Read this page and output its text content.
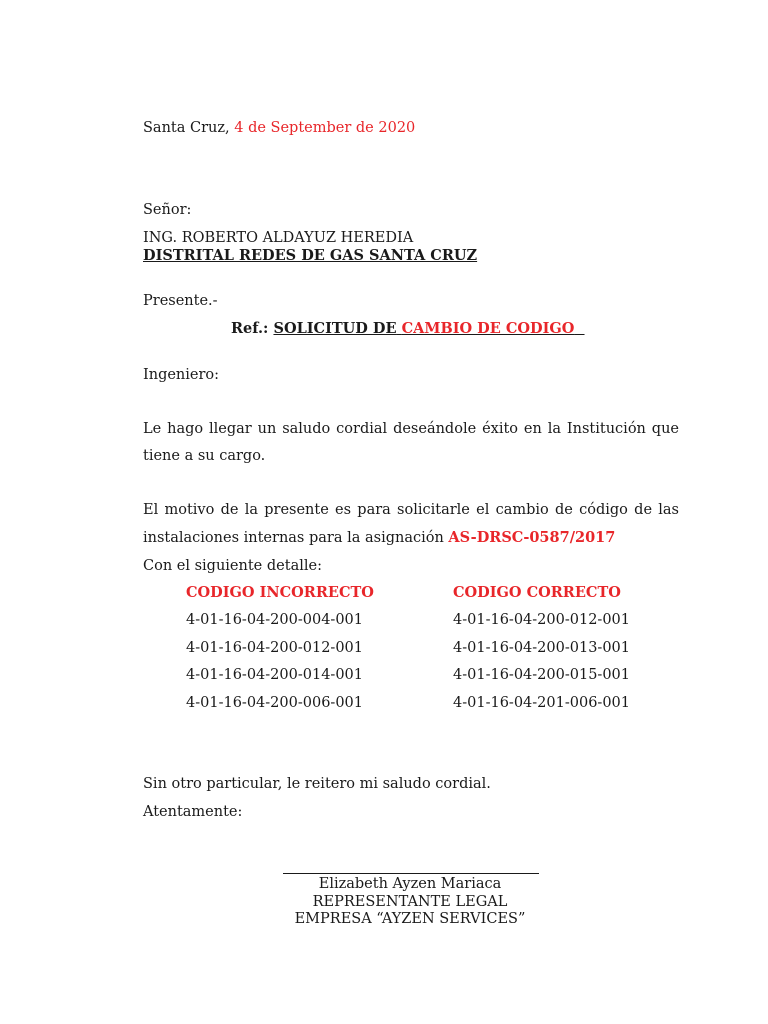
Santa Cruz, 4 de September de 2020
Señor:
ING. ROBERTO ALDAYUZ HEREDIA
DISTRITAL REDES DE GAS SANTA CRUZ
Presente.-
Ref.: SOLICITUD DE CAMBIO DE CODIGO
Ingeniero:
Le hago llegar un saludo cordial deseándole éxito en la Institución que
tiene a su cargo.
El motivo de la presente es para solicitarle el cambio de código de las
instalaciones internas para la asignación AS-DRSC-0587/2017
Con el siguiente detalle:
CODIGO INCORRECTO	CODIGO CORRECTO
4-01-16-04-200-004-001	4-01-16-04-200-012-001
4-01-16-04-200-012-001	4-01-16-04-200-013-001
4-01-16-04-200-014-001	4-01-16-04-200-015-001
4-01-16-04-200-006-001	4-01-16-04-201-006-001
Sin otro particular, le reitero mi saludo cordial.
Atentamente:
Elizabeth Ayzen Mariaca
REPRESENTANTE LEGAL
EMPRESA “AYZEN SERVICES”
